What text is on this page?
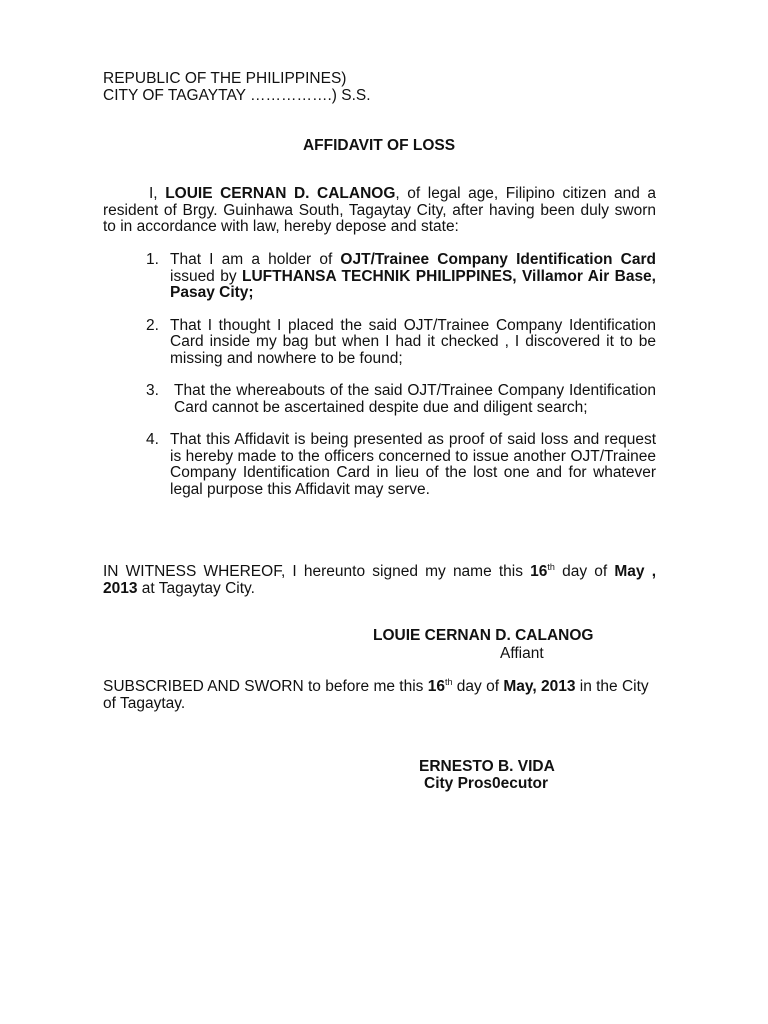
REPUBLIC OF THE PHILIPPINES)
CITY OF TAGAYTAY …………….) S.S.
AFFIDAVIT OF LOSS

I, LOUIE CERNAN D. CALANOG, of legal age, Filipino citizen and a resident of Brgy. Guinhawa South, Tagaytay City, after having been duly sworn to in accordance with law, hereby depose and state:

1. That I am a holder of OJT/Trainee Company Identification Card issued by LUFTHANSA TECHNIK PHILIPPINES, Villamor Air Base, Pasay City;
2. That I thought I placed the said OJT/Trainee Company Identification Card inside my bag but when I had it checked , I discovered it to be missing and nowhere to be found;
3. That the whereabouts of the said OJT/Trainee Company Identification Card cannot be ascertained despite due and diligent search;
4. That this Affidavit is being presented as proof of said loss and request is hereby made to the officers concerned to issue another OJT/Trainee Company Identification Card in lieu of the lost one and for whatever legal purpose this Affidavit may serve.

IN WITNESS WHEREOF, I hereunto signed my name this 16th day of May , 2013 at Tagaytay City.

LOUIE CERNAN D. CALANOG
Affiant

SUBSCRIBED AND SWORN to before me this 16th day of May, 2013 in the City of Tagaytay.

ERNESTO B. VIDA
City Pros0ecutor
